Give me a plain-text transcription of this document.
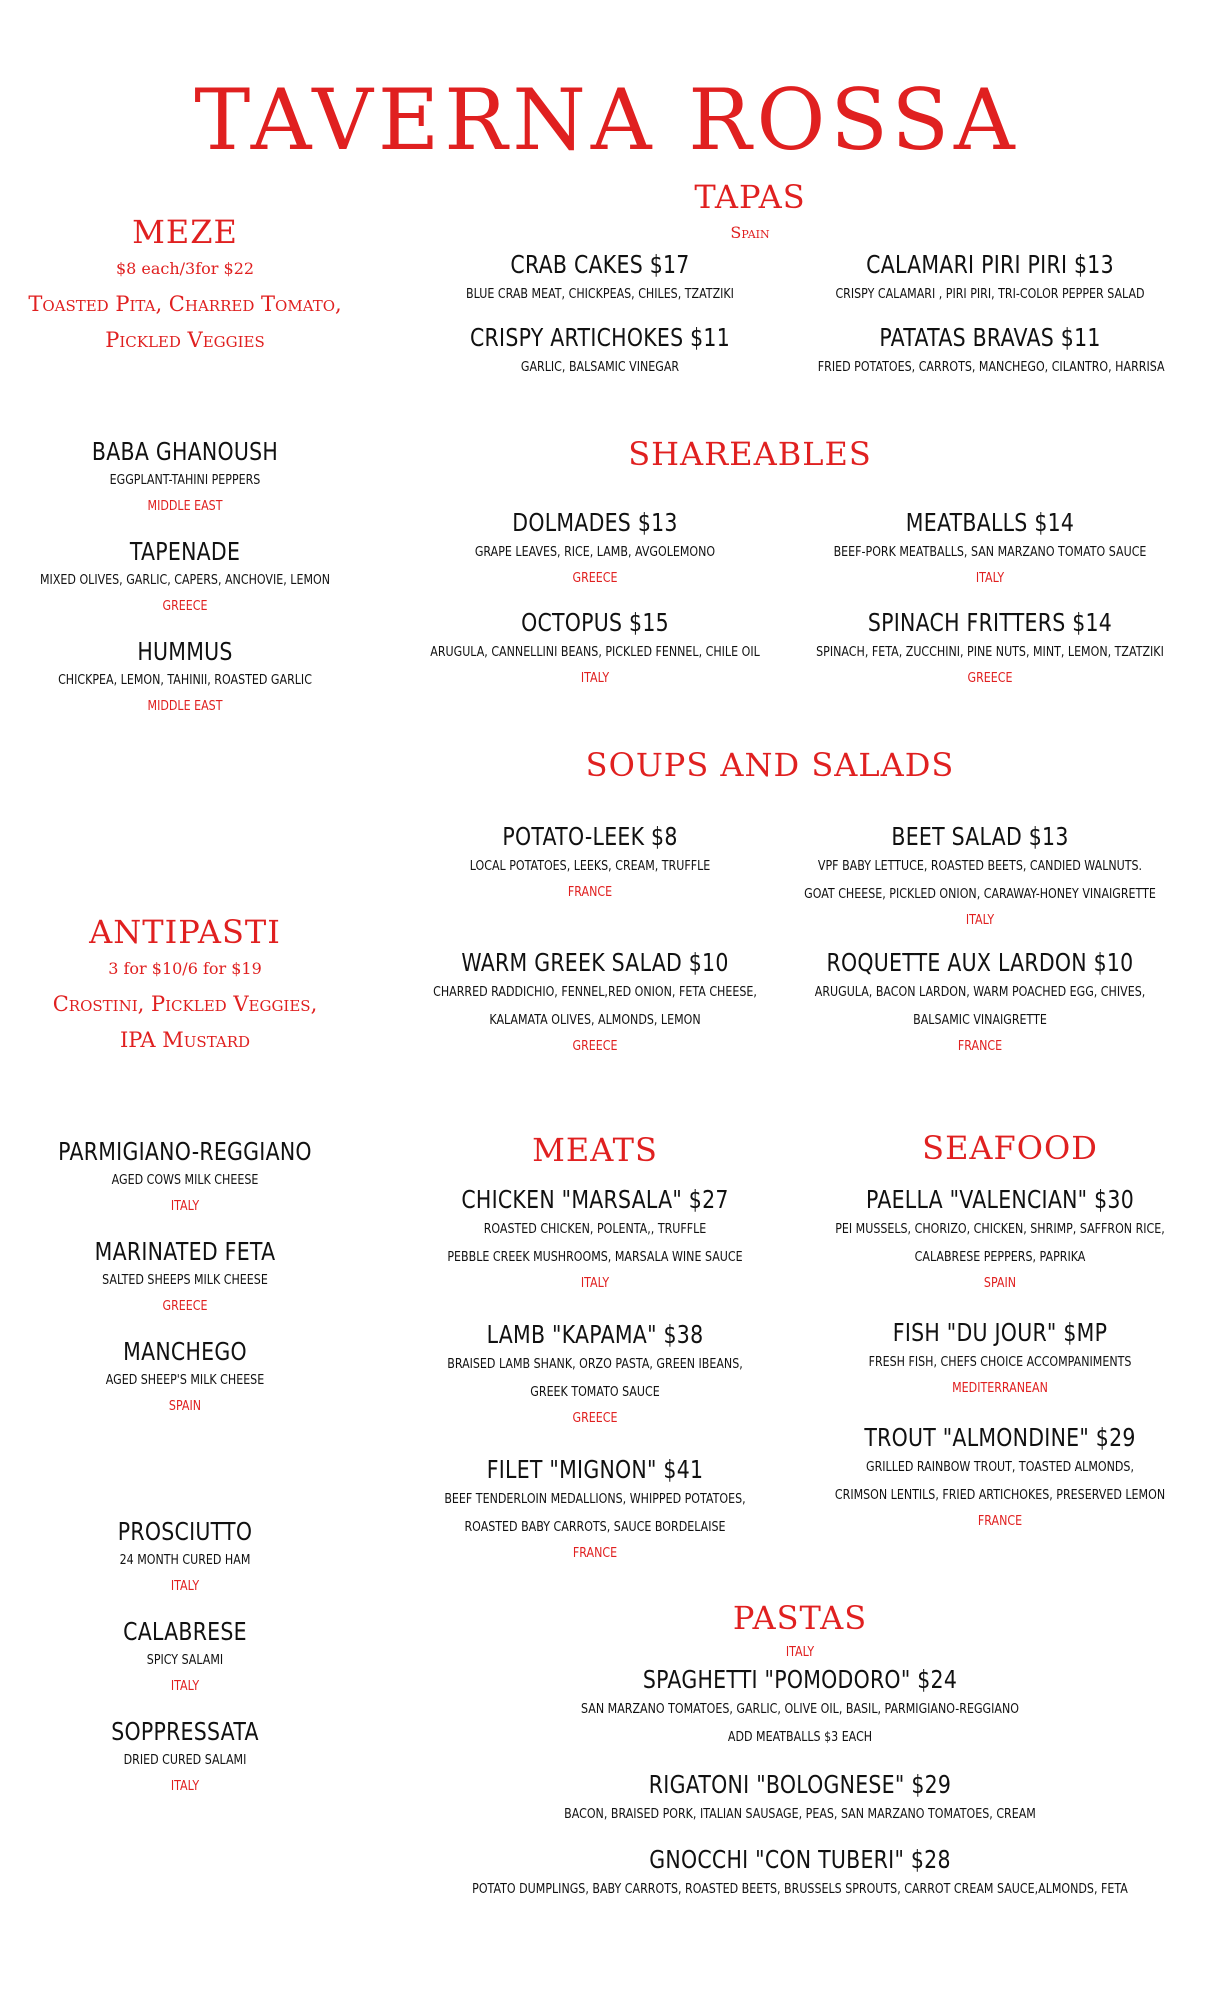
TAVERNA ROSSA
MEZE
$8 each/3for $22
Toasted Pita, Charred Tomato,
Pickled Veggies
BABA GHANOUSH
EGGPLANT-TAHINI PEPPERS
MIDDLE EAST
TAPENADE
MIXED OLIVES, GARLIC, CAPERS, ANCHOVIE, LEMON
GREECE
HUMMUS
CHICKPEA, LEMON, TAHINII, ROASTED GARLIC
MIDDLE EAST
ANTIPASTI
3 for $10/6 for $19
Crostini, Pickled Veggies,
IPA Mustard
PARMIGIANO-REGGIANO
AGED COWS MILK CHEESE
ITALY
MARINATED FETA
SALTED SHEEPS MILK CHEESE
GREECE
MANCHEGO
AGED SHEEP'S MILK CHEESE
SPAIN
PROSCIUTTO
24 MONTH CURED HAM
ITALY
CALABRESE
SPICY SALAMI
ITALY
SOPPRESSATA
DRIED CURED SALAMI
ITALY
TAPAS
Spain
CRAB CAKES $17
BLUE CRAB MEAT, CHICKPEAS, CHILES, TZATZIKI
CALAMARI PIRI PIRI $13
CRISPY CALAMARI , PIRI PIRI, TRI-COLOR PEPPER SALAD
CRISPY ARTICHOKES $11
GARLIC, BALSAMIC VINEGAR
PATATAS BRAVAS $11
FRIED POTATOES, CARROTS, MANCHEGO, CILANTRO, HARRISA
SHAREABLES
DOLMADES $13
GRAPE LEAVES, RICE, LAMB, AVGOLEMONO
GREECE
MEATBALLS $14
BEEF-PORK MEATBALLS, SAN MARZANO TOMATO SAUCE
ITALY
OCTOPUS $15
ARUGULA, CANNELLINI BEANS, PICKLED FENNEL, CHILE OIL
ITALY
SPINACH FRITTERS $14
SPINACH, FETA, ZUCCHINI, PINE NUTS, MINT, LEMON, TZATZIKI
GREECE
SOUPS AND SALADS
POTATO-LEEK $8
LOCAL POTATOES, LEEKS, CREAM, TRUFFLE
FRANCE
BEET SALAD $13
VPF BABY LETTUCE, ROASTED BEETS, CANDIED WALNUTS.
GOAT CHEESE, PICKLED ONION, CARAWAY-HONEY VINAIGRETTE
ITALY
WARM GREEK SALAD $10
CHARRED RADDICHIO, FENNEL,RED ONION, FETA CHEESE,
KALAMATA OLIVES, ALMONDS, LEMON
GREECE
ROQUETTE AUX LARDON $10
ARUGULA, BACON LARDON, WARM POACHED EGG, CHIVES,
BALSAMIC VINAIGRETTE
FRANCE
MEATS
CHICKEN "MARSALA" $27
ROASTED CHICKEN, POLENTA,, TRUFFLE
PEBBLE CREEK MUSHROOMS, MARSALA WINE SAUCE
ITALY
LAMB "KAPAMA" $38
BRAISED LAMB SHANK, ORZO PASTA, GREEN IBEANS,
GREEK TOMATO SAUCE
GREECE
FILET "MIGNON" $41
BEEF TENDERLOIN MEDALLIONS, WHIPPED POTATOES,
ROASTED BABY CARROTS, SAUCE BORDELAISE
FRANCE
SEAFOOD
PAELLA "VALENCIAN" $30
PEI MUSSELS, CHORIZO, CHICKEN, SHRIMP, SAFFRON RICE,
CALABRESE PEPPERS, PAPRIKA
SPAIN
FISH "DU JOUR" $MP
FRESH FISH, CHEFS CHOICE ACCOMPANIMENTS
MEDITERRANEAN
TROUT "ALMONDINE" $29
GRILLED RAINBOW TROUT, TOASTED ALMONDS,
CRIMSON LENTILS, FRIED ARTICHOKES, PRESERVED LEMON
FRANCE
PASTAS
ITALY
SPAGHETTI "POMODORO" $24
SAN MARZANO TOMATOES, GARLIC, OLIVE OIL, BASIL, PARMIGIANO-REGGIANO
ADD MEATBALLS $3 EACH
RIGATONI "BOLOGNESE" $29
BACON, BRAISED PORK, ITALIAN SAUSAGE, PEAS, SAN MARZANO TOMATOES, CREAM
GNOCCHI "CON TUBERI" $28
POTATO DUMPLINGS, BABY CARROTS, ROASTED BEETS, BRUSSELS SPROUTS, CARROT CREAM SAUCE,ALMONDS, FETA
